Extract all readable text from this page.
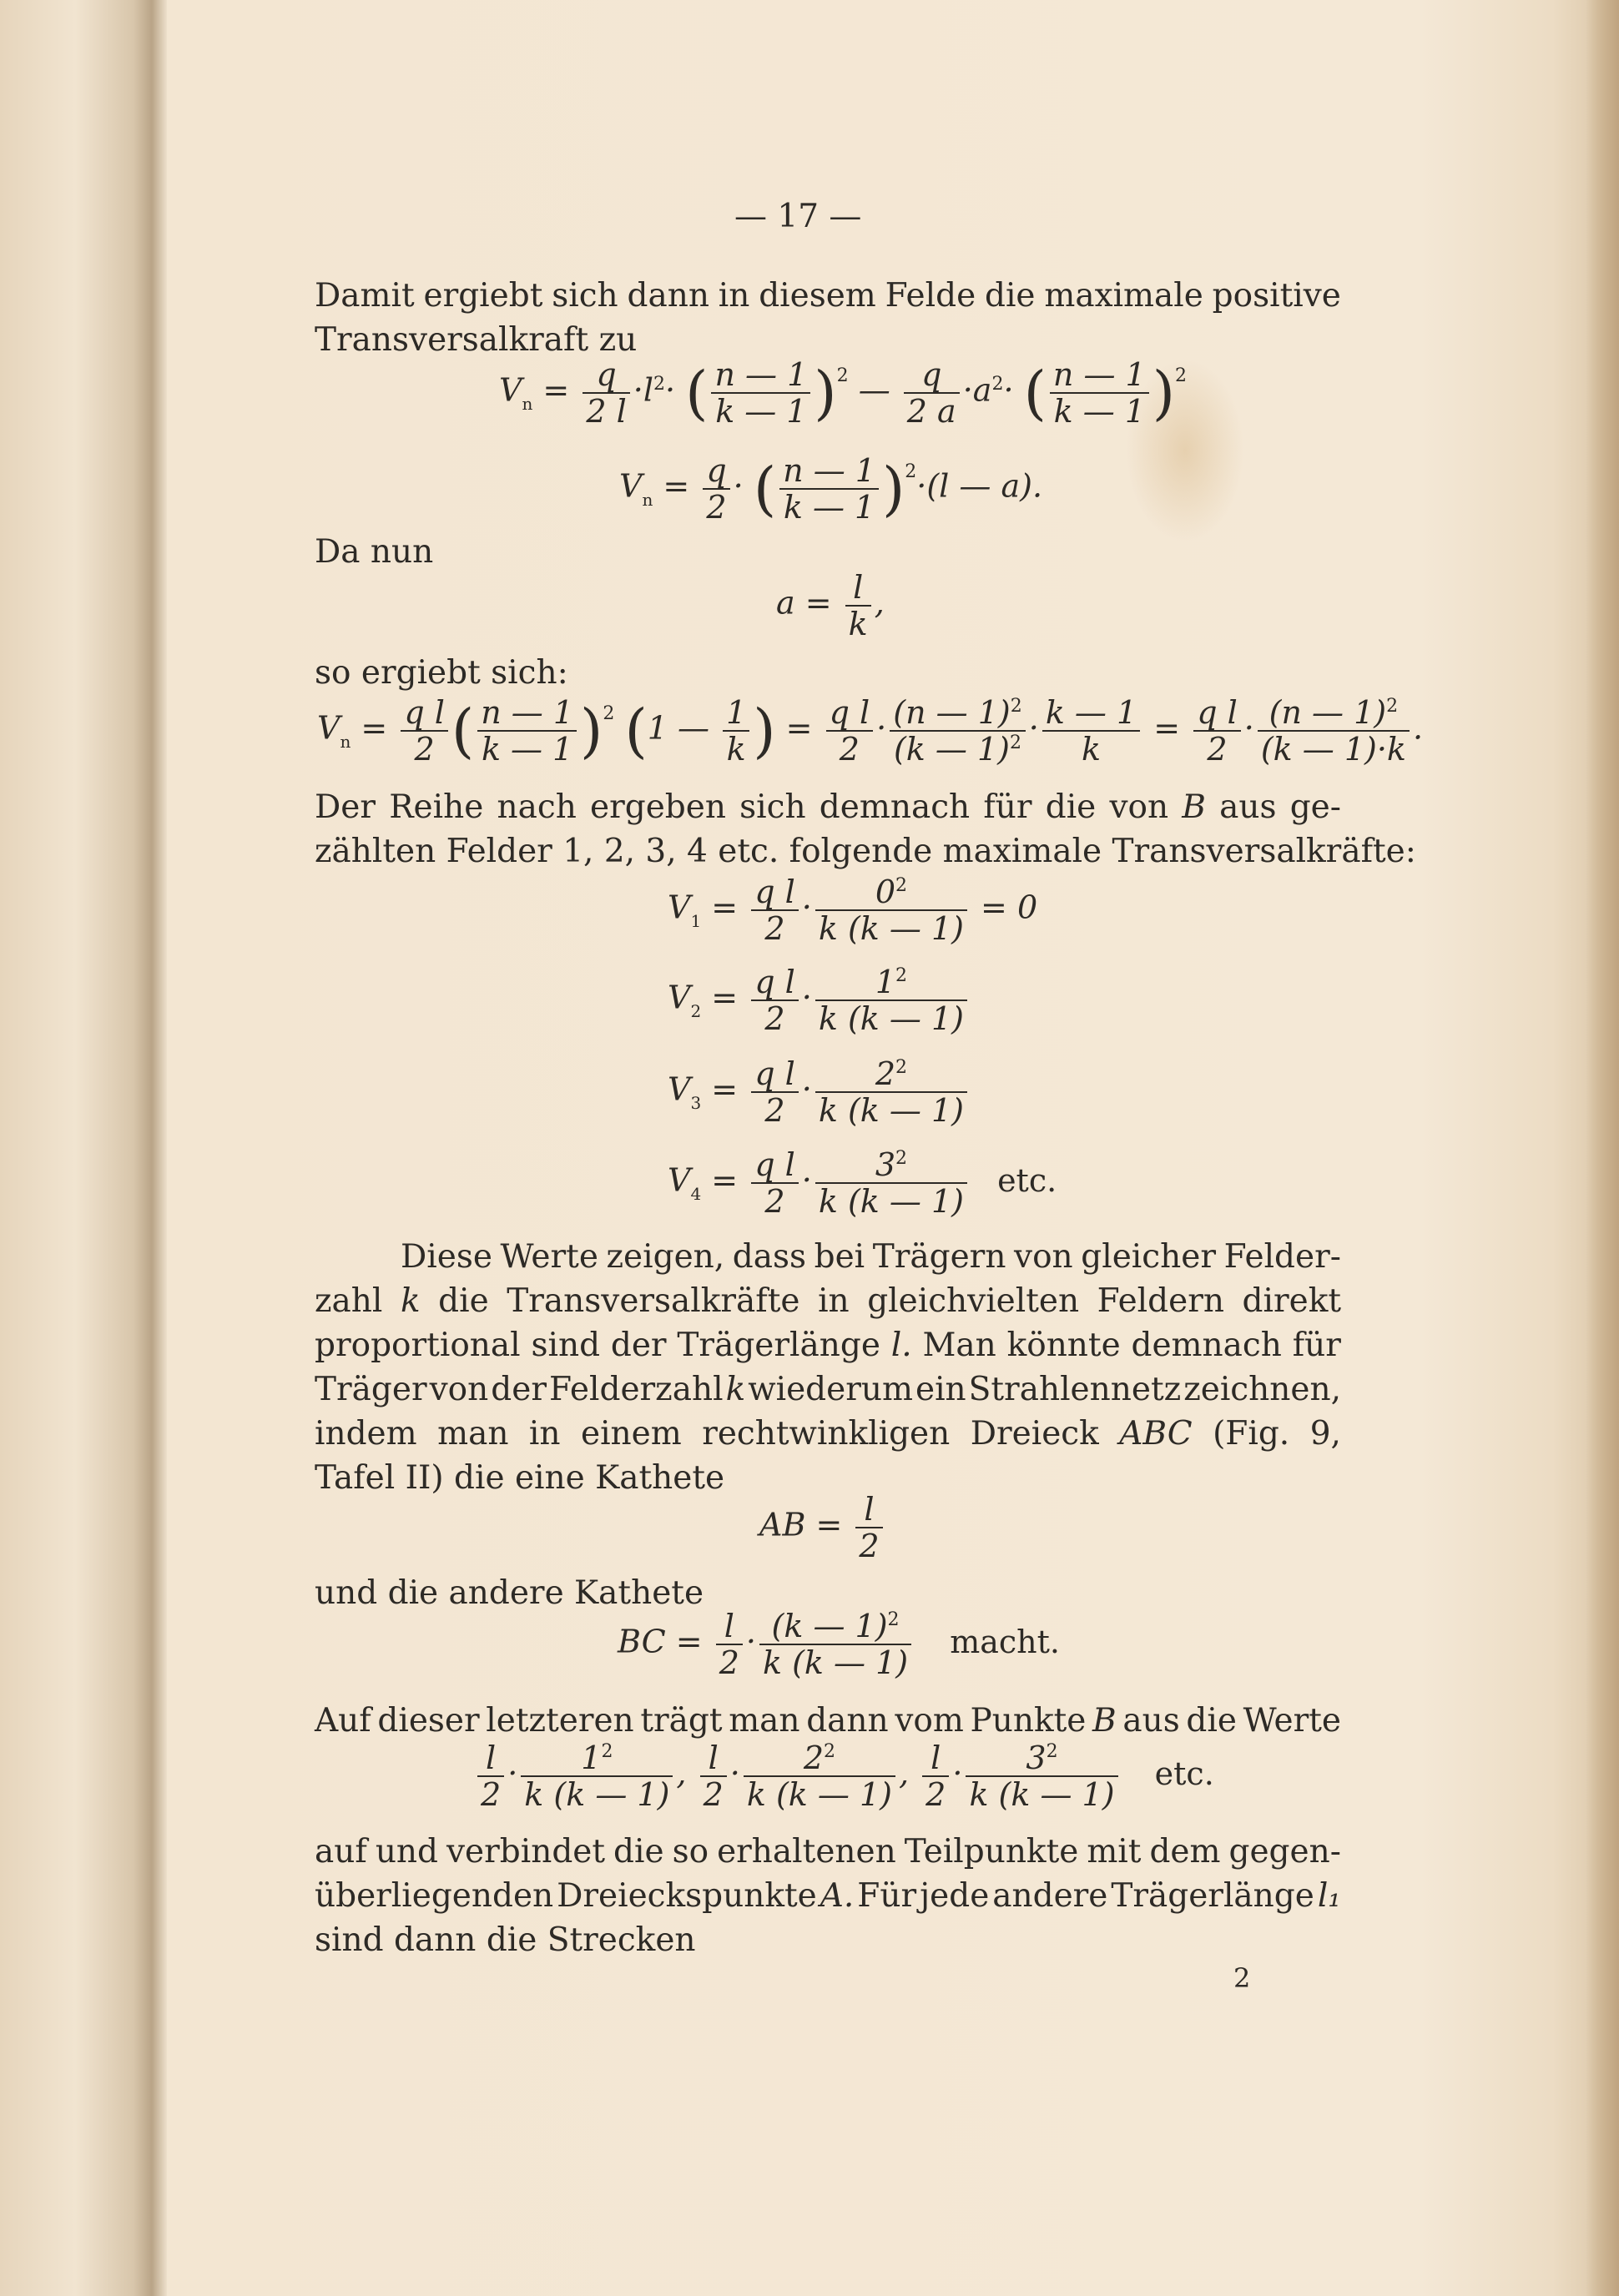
— 17 —
Damit ergiebt sich dann in diesem Felde die maximale positive
Transversalkraft zu
$V_n = \frac{q}{2 l} \cdot l^2\cdot$ ( $\frac{n — 1}{k — 1} )^2$ — $\frac{q}{2 a} \cdot a^2\cdot$ ( $\frac{n — 1}{k — 1} )^2$
$V_n = \frac{q}{2}$ · ( $\frac{n — 1}{k — 1} )^2\cdot(l$ — a).
Da nun
$a = \frac{l}{k}$ ,
so ergiebt sich:
$V_n = \frac{\text{q l}}{2}$ ( $\frac{n — 1}{k — 1} )^2$ (1 — $\frac{1}{k}$ ) = $\frac{\text{q l}}{2} \cdot \frac{(n — 1)^2}{(k — 1)^2} \cdot \frac{k — 1}{k} = \frac{\text{q l}}{2} \cdot \frac{(n — 1)^2}{(k — 1)\cdot k}$ .
Der Reihe nach ergeben sich demnach für die von B aus ge-
zählten Felder 1, 2, 3, 4 etc. folgende maximale Transversalkräfte:
$V_1 = \frac{\text{q l}}{2} \cdot \frac{0^2}{k (k — 1)} = 0$
$V_2 = \frac{\text{q l}}{2} \cdot \frac{1^2}{k (k — 1)}$
$V_3 = \frac{\text{q l}}{2} \cdot \frac{2^2}{k (k — 1)}$
$V_4 = \frac{\text{q l}}{2} \cdot \frac{3^2}{k (k — 1)}$ etc.
Diese Werte zeigen, dass bei Trägern von gleicher Felder-
zahl k die Transversalkräfte in gleichvielten Feldern direkt
proportional sind der Trägerlänge l. Man könnte demnach für
Träger von der Felderzahl k wiederum ein Strahlennetz zeichnen,
indem man in einem rechtwinkligen Dreieck ABC (Fig. 9,
Tafel II) die eine Kathete
AB = $\frac{l}{2}$
und die andere Kathete
BC = $\frac{l}{2} \cdot \frac{(k — 1)^2}{k (k — 1)}$ macht.
Auf dieser letzteren trägt man dann vom Punkte B aus die Werte
$\frac{l}{2} \cdot \frac{1^2}{k (k — 1)}$ , $\frac{l}{2} \cdot \frac{2^2}{k (k — 1)}$ , $\frac{l}{2} \cdot \frac{3^2}{k (k — 1)}$ etc.
auf und verbindet die so erhaltenen Teilpunkte mit dem gegen-
überliegenden Dreieckspunkte A. Für jede andere Trägerlänge l₁
sind dann die Strecken
2
